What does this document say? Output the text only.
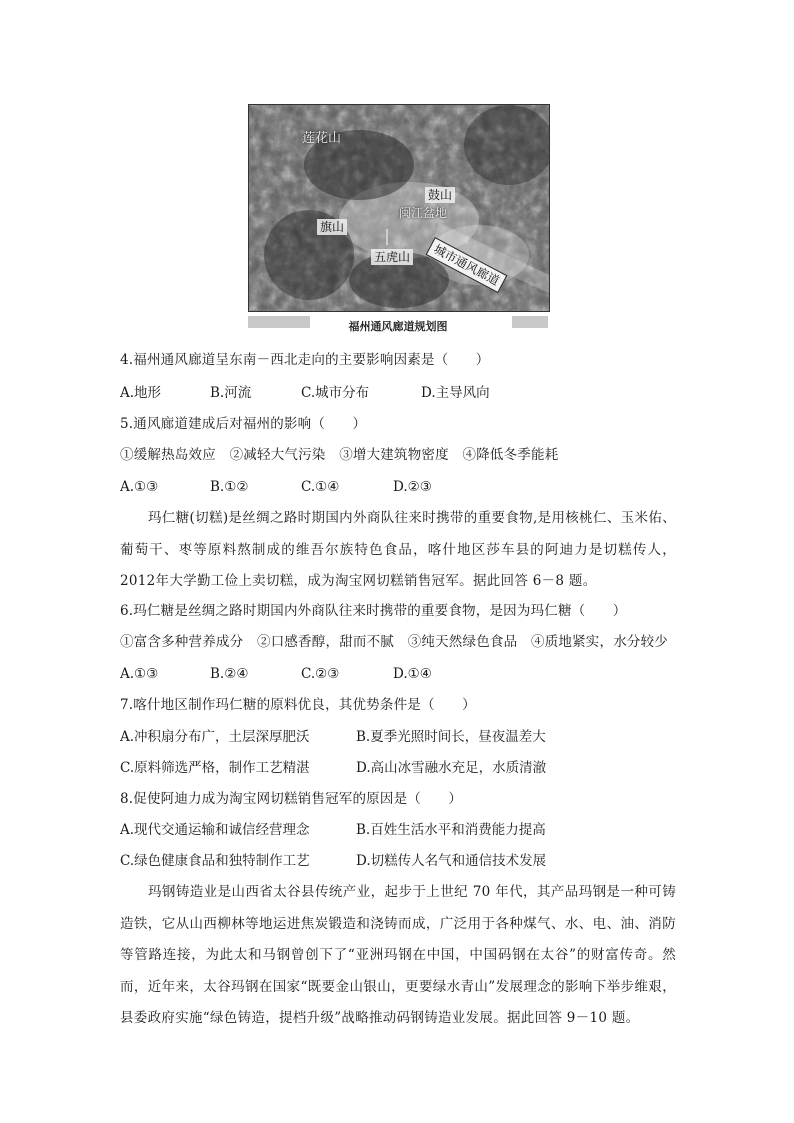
莲花山
鼓山
闽江盆地
旗山
五虎山	城市通风廊道
福州通风廊道规划图
4.福州通风廊道呈东南－西北走向的主要影响因素是（　　）
A.地形	B.河流	C.城市分布	D.主导风向
5.通风廊道建成后对福州的影响（　　）
①缓解热岛效应　②减轻大气污染　③增大建筑物密度　④降低冬季能耗
A.①③	B.①②	C.①④	D.②③
玛仁糖(切糕)是丝绸之路时期国内外商队往来时携带的重要食物,是用核桃仁、玉米佑、葡萄干、枣等原料熬制成的维吾尔族特色食品，喀什地区莎车县的阿迪力是切糕传人，2012年大学勤工俭上卖切糕，成为淘宝网切糕销售冠军。据此回答 6－8 题。
6.玛仁糖是丝绸之路时期国内外商队往来时携带的重要食物，是因为玛仁糖（　　）
①富含多种营养成分　②口感香醇，甜而不腻　③纯天然绿色食品　④质地紧实，水分较少
A.①③	B.②④	C.②③	D.①④
7.喀什地区制作玛仁糖的原料优良，其优势条件是（　　）
A.冲积扇分布广，土层深厚肥沃	B.夏季光照时间长，昼夜温差大
C.原料筛选严格，制作工艺精湛	D.高山冰雪融水充足，水质清澈
8.促使阿迪力成为淘宝网切糕销售冠军的原因是（　　）
A.现代交通运输和诚信经营理念	B.百姓生活水平和消费能力提高
C.绿色健康食品和独特制作工艺	D.切糕传人名气和通信技术发展
玛钢铸造业是山西省太谷县传统产业，起步于上世纪 70 年代，其产品玛钢是一种可铸造铁，它从山西柳林等地运进焦炭锻造和浇铸而成，广泛用于各种煤气、水、电、油、消防等管路连接，为此太和马钢曾创下了“亚洲玛钢在中国，中国码钢在太谷”的财富传奇。然而，近年来，太谷玛钢在国家“既要金山银山，更要绿水青山”发展理念的影响下举步维艰，县委政府实施“绿色铸造，提档升级”战略推动码钢铸造业发展。据此回答 9－10 题。
